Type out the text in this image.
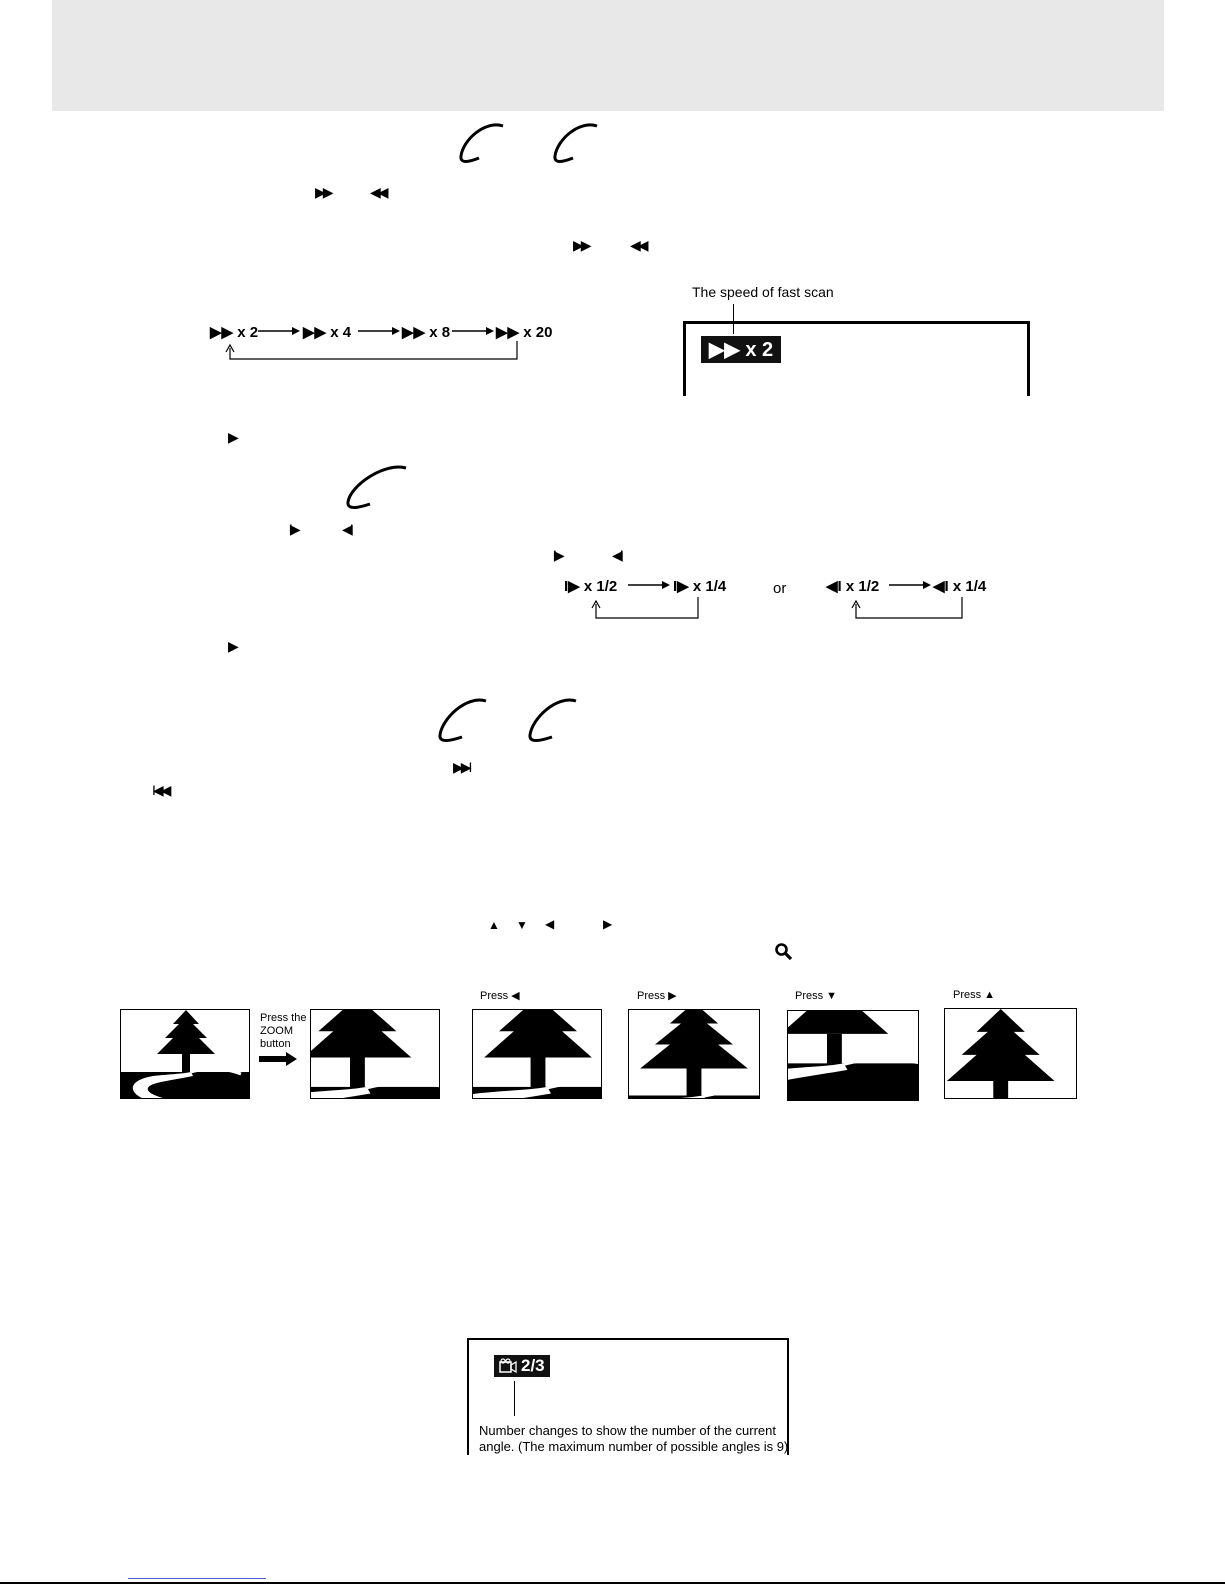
▶▶	◀◀
▶▶	◀◀
▶▶ x 2	▶▶ x 4	▶▶ x 8	▶▶ x 20
The speed of fast scan
▶▶ x 2
▶
I▶	◀I
I▶	◀I
I▶ x 1/2	I▶ x 1/4	or	◀I x 1/2	◀I x 1/4
▶
▶▶I
I◀◀
▲ ▼ ◀	▶
Press the ZOOM button
Press ◀	Press ▶	Press ▼	Press ▲
2/3
Number changes to show the number of the current angle. (The maximum number of possible angles is 9)
